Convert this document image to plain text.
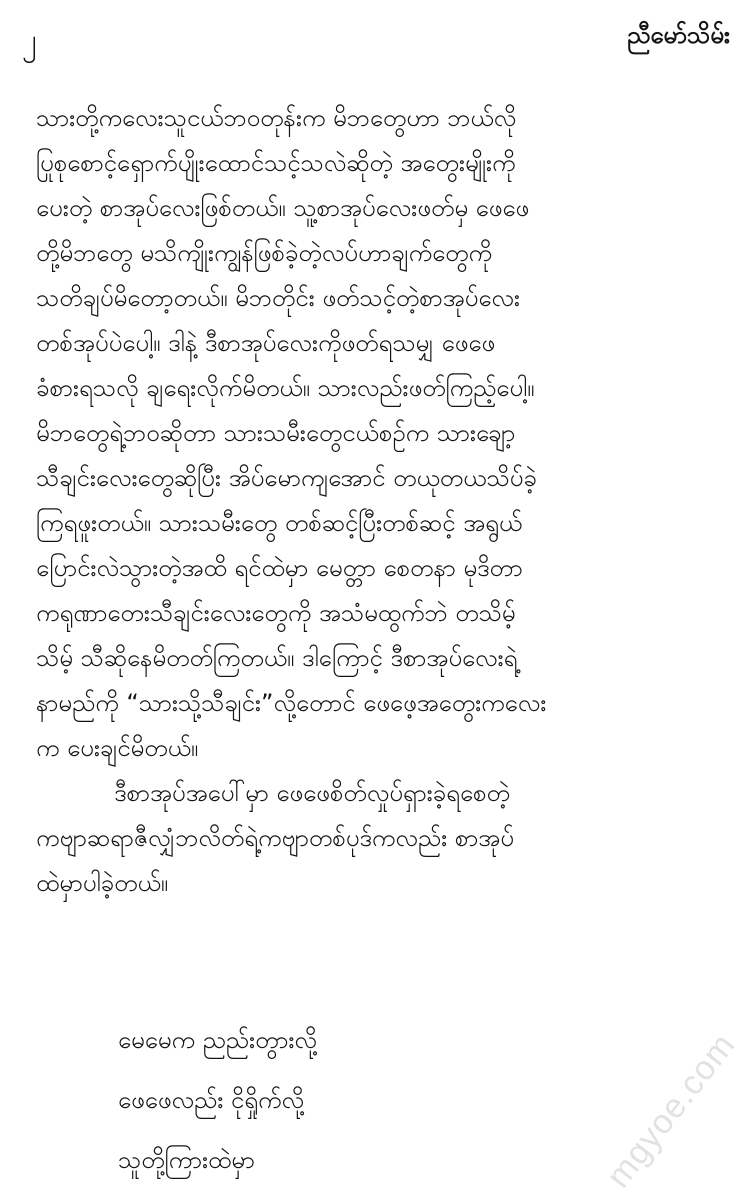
၂	ညီမော်သိမ်း
သားတို့ကလေးသူငယ်ဘ၀တုန်းက မိဘတွေဟာ ဘယ်လို
ပြုစုစောင့်ရှောက်ပျိုးထောင်သင့်သလဲဆိုတဲ့ အတွေးမျိုးကို
ပေးတဲ့ စာအုပ်လေးဖြစ်တယ်။ သူ့စာအုပ်လေးဖတ်မှ ဖေဖေ
တို့မိဘတွေ မသိကျိုးကျွန်ဖြစ်ခဲ့တဲ့လပ်ဟာချက်တွေကို
သတိချပ်မိတော့တယ်။ မိဘတိုင်း ဖတ်သင့်တဲ့စာအုပ်လေး
တစ်အုပ်ပဲပေါ့။ ဒါနဲ့ ဒီစာအုပ်လေးကိုဖတ်ရသမျှ ဖေဖေ
ခံစားရသလို ချရေးလိုက်မိတယ်။ သားလည်းဖတ်ကြည့်ပေါ့။
မိဘတွေရဲ့ဘ၀ဆိုတာ သားသမီးတွေငယ်စဉ်က သားချော့
သီချင်းလေးတွေဆိုပြီး အိပ်မောကျအောင် တယုတယသိပ်ခဲ့
ကြရဖူးတယ်။ သားသမီးတွေ တစ်ဆင့်ပြီးတစ်ဆင့် အရွယ်
ပြောင်းလဲသွားတဲ့အထိ ရင်ထဲမှာ မေတ္တာ စေတနာ မုဒိတာ
ကရုဏာတေးသီချင်းလေးတွေကို အသံမထွက်ဘဲ တသိမ့်
သိမ့် သီဆိုနေမိတတ်ကြတယ်။ ဒါကြောင့် ဒီစာအုပ်လေးရဲ့
နာမည်ကို “သားသို့သီချင်း”လို့တောင် ဖေဖေ့အတွေးကလေး
က ပေးချင်မိတယ်။
ဒီစာအုပ်အပေါ်မှာ ဖေဖေစိတ်လှုပ်ရှားခဲ့ရစေတဲ့
ကဗျာဆရာဇီလျှံဘလိတ်ရဲ့ကဗျာတစ်ပုဒ်ကလည်း စာအုပ်
ထဲမှာပါခဲ့တယ်။
မေမေက ညည်းတွားလို့
ဖေဖေလည်း ငိုရှိုက်လို့
သူတို့ကြားထဲမှာ	mgyoe.com
